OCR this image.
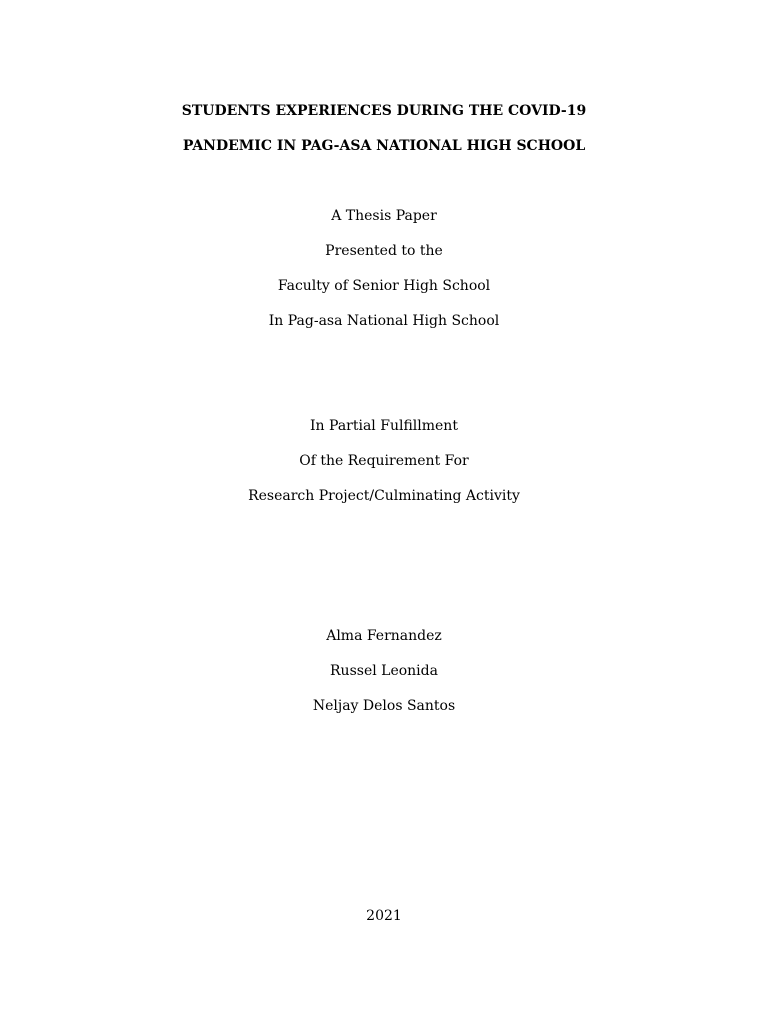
STUDENTS EXPERIENCES DURING THE COVID-19
PANDEMIC IN PAG-ASA NATIONAL HIGH SCHOOL
A Thesis Paper
Presented to the
Faculty of Senior High School
In Pag-asa National High School
In Partial Fulfillment
Of the Requirement For
Research Project/Culminating Activity
Alma Fernandez
Russel Leonida
Neljay Delos Santos
2021
